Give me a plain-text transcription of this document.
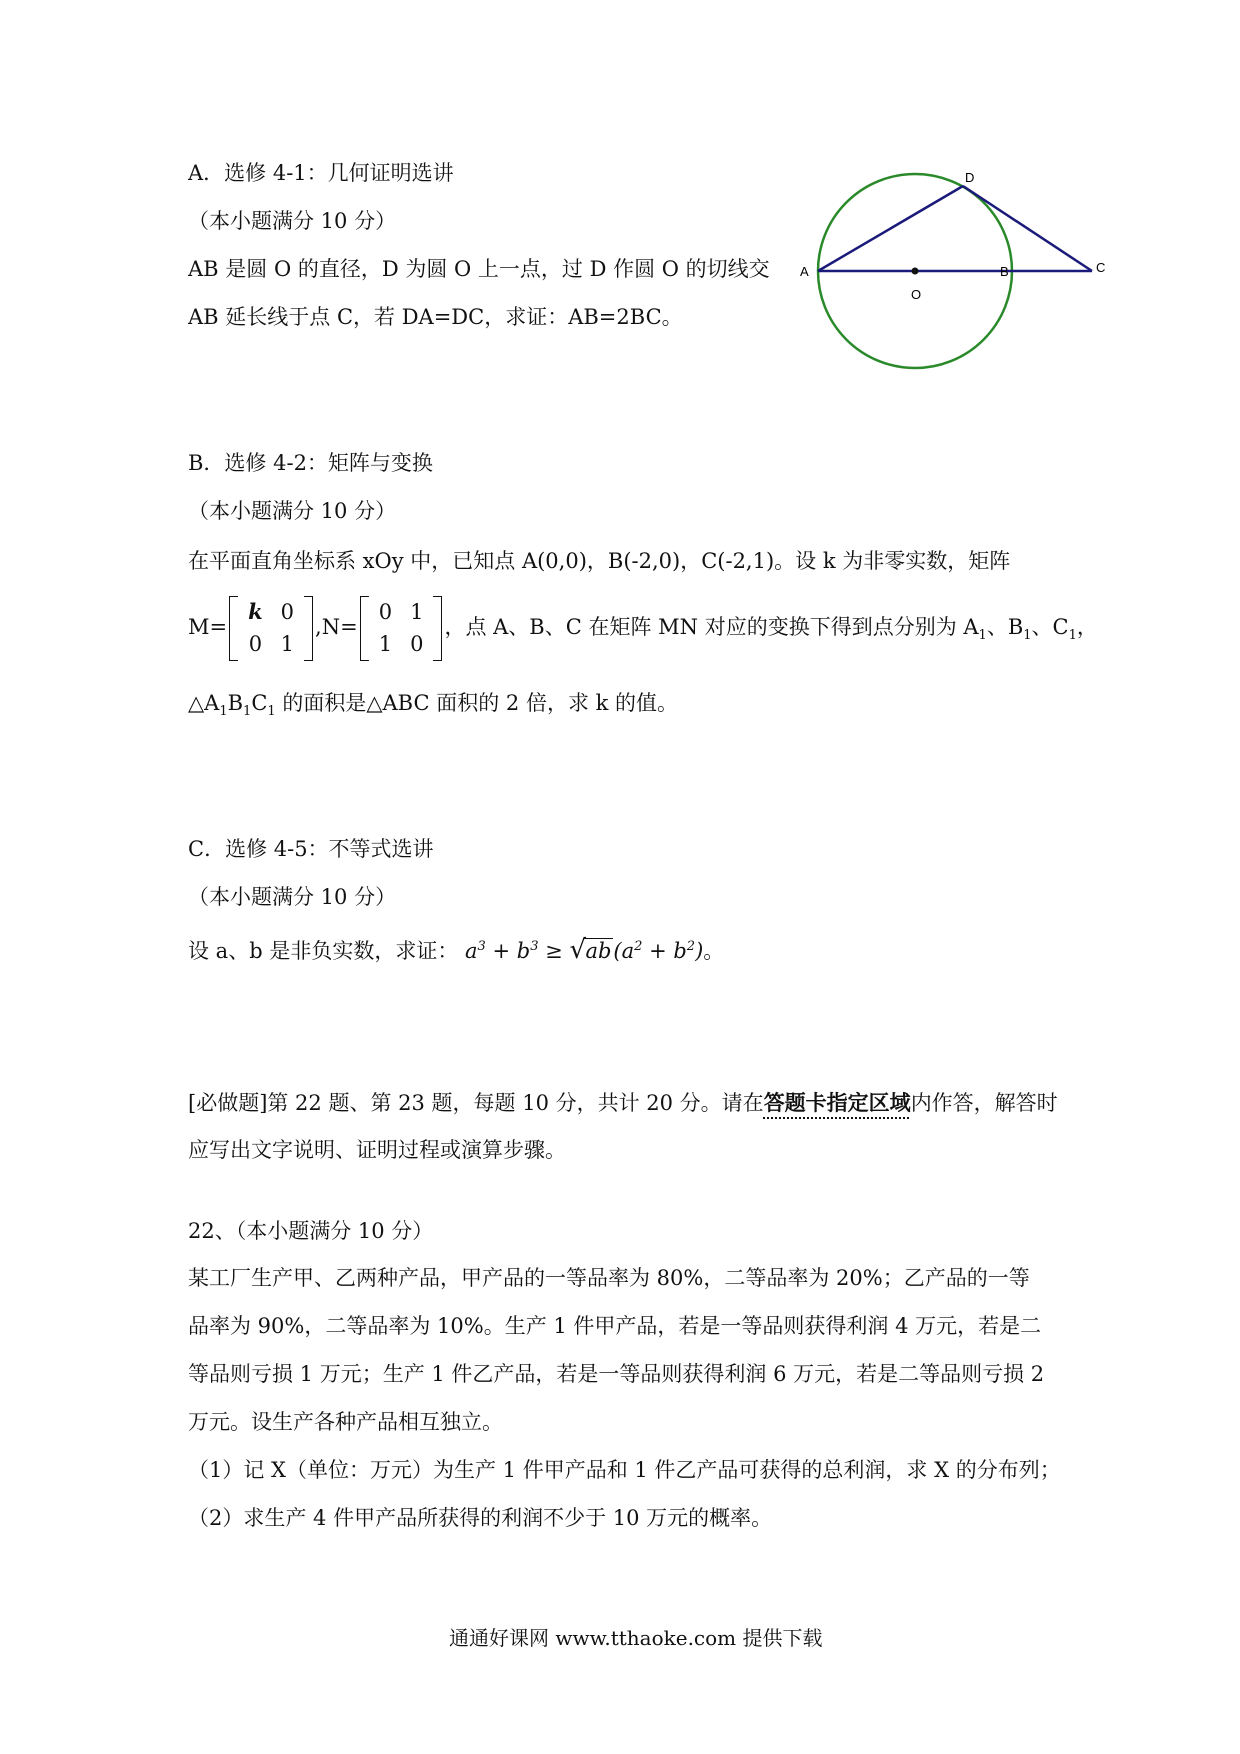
A．选修 4-1：几何证明选讲
（本小题满分 10 分）
AB 是圆 O 的直径，D 为圆 O 上一点，过 D 作圆 O 的切线交
AB 延长线于点 C，若 DA=DC，求证：AB=2BC。
A
D
B	C
O
B．选修 4-2：矩阵与变换
（本小题满分 10 分）
在平面直角坐标系 xOy 中，已知点 A(0,0)，B(-2,0)，C(-2,1)。设 k 为非零实数，矩阵
M=
k	0
0	1
,N=
0	1
1	0
，点 A、B、C 在矩阵 MN 对应的变换下得到点分别为 $A_1$、$B_1$、$C_1$，
$\triangle A_1B_1C_1$ 的面积是△ABC 面积的 2 倍，求 k 的值。
C．选修 4-5：不等式选讲
（本小题满分 10 分）
设 a、b 是非负实数，求证： $a^3 + b^3$ ≥ √ $ab(a^2 + b^2)$。
[必做题]第 22 题、第 23 题，每题 10 分，共计 20 分。请在答题卡指定区域内作答，解答时
应写出文字说明、证明过程或演算步骤。
22、（本小题满分 10 分）
某工厂生产甲、乙两种产品，甲产品的一等品率为 80%，二等品率为 20%；乙产品的一等
品率为 90%，二等品率为 10%。生产 1 件甲产品，若是一等品则获得利润 4 万元，若是二
等品则亏损 1 万元；生产 1 件乙产品，若是一等品则获得利润 6 万元，若是二等品则亏损 2
万元。设生产各种产品相互独立。
（1）记 X（单位：万元）为生产 1 件甲产品和 1 件乙产品可获得的总利润，求 X 的分布列；
（2）求生产 4 件甲产品所获得的利润不少于 10 万元的概率。
通通好课网 www.tthaoke.com 提供下载
